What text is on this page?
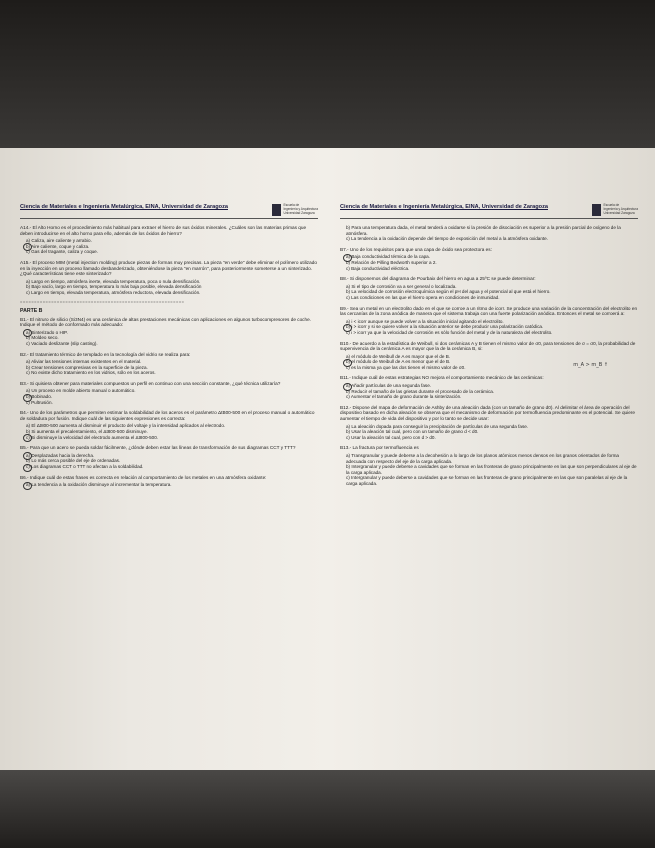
Ciencia de Materiales e Ingeniería Metalúrgica, EINA, Universidad de Zaragoza	Escuela de
Ingeniería y Arquitectura
Universidad Zaragoza

A14.- El Alto Horno es el procedimiento más habitual para extraer el hierro de sus óxidos minerales. ¿Cuáles son las materias primas que deben introducirse en el alto horno para ello, además de los óxidos de hierro?

a) Caliza, aire caliente y arrabio.
b) Aire caliente, coque y caliza.
c) Gas del tragante, caliza y coque.

A15.- El proceso MIM (metal injection molding) produce piezas de formas muy precisas. La pieza "en verde" debe eliminar el polímero utilizado en la inyección en un proceso llamado desbanderizado, obteniéndose la pieza "en marrón", para posteriormente someterse a un sinterizado. ¿Qué características tiene este sinterizado?

a) Largo en tiempo, atmósfera inerte, elevada temperatura, poca o nula densificación.
b) Bajo vacío, largo en tiempo, temperatura lo más baja posible, elevada densificación
c) Largo en tiempo, elevada temperatura, atmósfera reductora, elevada densificación.
==========================================================
PARTE B

B1.- El nitruro de silicio (Si3N4) es una cerámica de altas prestaciones mecánicas con aplicaciones en algunos turbocompresores de coche. Indique el método de conformado más adecuado:

a) Sinterizado o HIP.
b) Moldeo seco.
c) Vaciado deslizante (slip casting).

B2.- El tratamiento térmico de templado en la tecnología del vidrio se realiza para:

a) Aliviar las tensiones internas existentes en el material.
b) Crear tensiones compresivas en la superficie de la pieza.
c) No existe dicho tratamiento en los vidrios, sólo en los aceros.

B3.- Si quisiera obtener para materiales compuestos un perfil en continuo con una sección constante, ¿qué técnica utilizaría?

a) Un proceso en molde abierto manual o automático.
b) Bobinado.
c) Pultrusión.

B4.- Uno de los parámetros que permiten estimar la soldabilidad de los aceros es el parámetro ΔtB00-500 en el proceso manual o automático de soldadura por fusión. Indique cuál de las siguientes expresiones es correcta:

a) El Δt800-500 aumenta al disminuir el producto del voltaje y la intensidad aplicados al electrodo.
b) Si aumenta el precalentamiento, el Δt800-500 disminuye.
c) Si disminuye la velocidad del electrodo aumenta el Δt800-500.

B5.- Para que un acero se pueda soldar fácilmente, ¿dónde deben estar las líneas de transformación de sus diagramas CCT y TTT?

a) Desplazadas hacia la derecha.
b) Lo más cerca posible del eje de ordenadas.
c) Los diagramas CCT o TTT no afectan a la soldabilidad.

B6.- Indique cuál de estas frases es correcta en relación al comportamiento de los metales en una atmósfera oxidante:

a) La tendencia a la oxidación disminuye al incrementar la temperatura.
Ciencia de Materiales e Ingeniería Metalúrgica, EINA, Universidad de Zaragoza	Escuela de
Ingeniería y Arquitectura
Universidad Zaragoza
b) Para una temperatura dada, el metal tenderá a oxidarse si la presión de disociación es superior a la presión parcial de oxígeno de la atmósfera.
c) La tendencia a la oxidación depende del tiempo de exposición del metal a la atmósfera oxidante.

B7.- Uno de los requisitos para que una capa de óxido sea protectora es:

a) Baja conductividad térmica de la capa.
b) Relación de Pilling Bedworth superior a 2.
c) Baja conductividad eléctrica.

B8.- Si disponemos del diagrama de Pourbaix del hierro en agua a 25ºC se puede determinar:

a) Si el tipo de corrosión va a ser general o localizada.
b) La velocidad de corrosión electroquímica según el pH del agua y el potencial al que está el hierro.
c) Las condiciones en las que el hierro opera en condiciones de inmunidad.

B9.- Sea un metal en un electrolito dado en el que se corroe a un ritmo de icorr. Se produce una variación de la concentración del electrolito en las cercanías de la zona anódica de manera que el sistema trabaja con una fuerte polarización anódica. Entonces el metal se corroerá a:

a) i < icorr aunque se puede volver a la situación inicial agitando el electrolito.
b) i > icorr y si se quiere volver a la situación anterior se debe producir una polarización catódica.
c) i > icorr ya que la velocidad de corrosión es sólo función del metal y de la naturaleza del electrolito.

B10.- De acuerdo a la estadística de Weibull, si dos cerámicas A y B tienen el mismo valor de σ0, para tensiones de σ = σ0, la probabilidad de supervivencia de la cerámica A es mayor que la de la cerámica B, si:

a) el módulo de Weibull de A es mayor que el de B.
b) el módulo de Weibull de A es menor que el de B.
c) es la misma ya que las dos tienen el mismo valor de σ0.	m_A > m_B ↑

B11.- Indique cuál de estas estrategias NO mejora el comportamiento mecánico de las cerámicas:

a) Añadir partículas de una segunda fase.
b) Reducir el tamaño de las grietas durante el procesado de la cerámica.
c) Aumentar el tamaño de grano durante la sinterización.

B12.- Dispone del mapa de deformación de Ashby de una aleación dada (con un tamaño de grano d0). Al delimitar el área de operación del dispositivo basado en dicha aleación se observa que el mecanismo de deformación por termofluencia predominante es el potencial. Se quiere aumentar el tiempo de vida del dispositivo y por lo tanto se decide usar:

a) La aleación dopada para conseguir la precipitación de partículas de una segunda fase.
b) Usar la aleación tal cual, pero con un tamaño de grano d < d0.
c) Usar la aleación tal cual, pero con d > d0.

B13.- La fractura por termofluencia es

a) Transgranular y puede deberse a la decohesión a lo largo de los planos atómicos menos densos en los granos orientados de forma adecuada con respecto del eje de la carga aplicada.
b) Intergranular y puede deberse a cavidades que se forman en las fronteras de grano principalmente en las que son perpendiculares al eje de la carga aplicada.
c) Intergranular y puede deberse a cavidades que se forman en las fronteras de grano principalmente en las que son paralelas al eje de la carga aplicada.
